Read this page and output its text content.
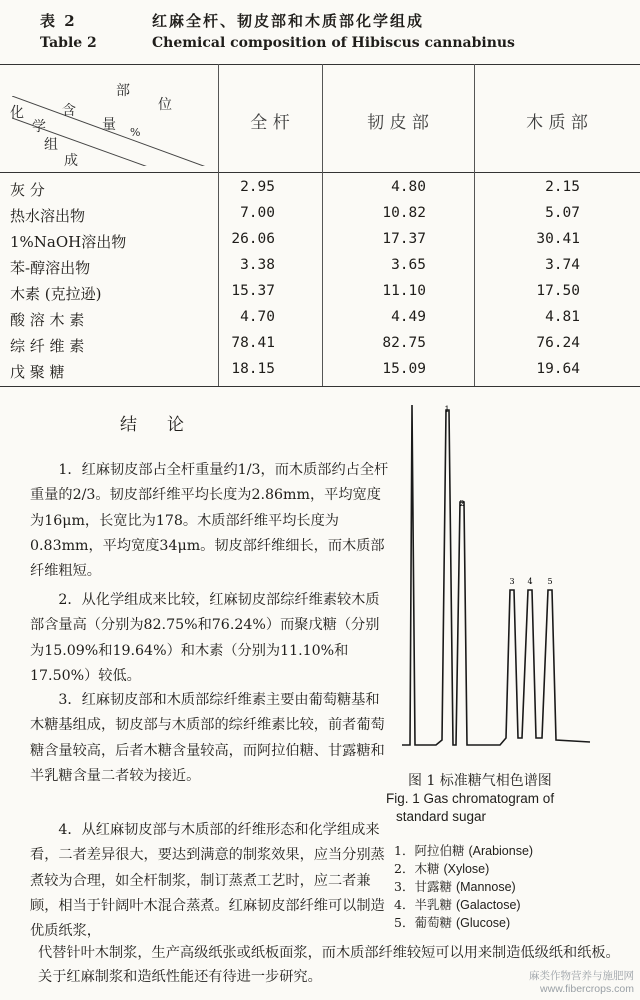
表 2	红麻全杆、韧皮部和木质部化学组成
Table 2	Chemical composition of Hibiscus cannabinus
部
位
含
量 %
化
学
组
成
全 杆	韧 皮 部	木 质 部
灰 分	2.95	4.80	2.15
热水溶出物	7.00	10.82	5.07
1%NaOH溶出物	26.06	17.37	30.41
苯-醇溶出物	3.38	3.65	3.74
木素 (克拉逊)	15.37	11.10	17.50
酸 溶 木 素	4.70	4.49	4.81
综 纤 维 素	78.41	82.75	76.24
戊 聚 糖	18.15	15.09	19.64
结论

1．红麻韧皮部占全杆重量约1/3，而木质部约占全杆重量的2/3。韧皮部纤维平均长度为2.86mm，平均宽度为16μm，长宽比为178。木质部纤维平均长度为0.83mm，平均宽度34μm。韧皮部纤维细长，而木质部纤维粗短。

2．从化学组成来比较，红麻韧皮部综纤维素较木质部含量高（分别为82.75%和76.24%）而聚戊糖（分别为15.09%和19.64%）和木素（分别为11.10%和17.50%）较低。

3．红麻韧皮部和木质部综纤维素主要由葡萄糖基和木糖基组成，韧皮部与木质部的综纤维素比较，前者葡萄糖含量较高，后者木糖含量较高，而阿拉伯糖、甘露糖和半乳糖含量二者较为接近。

4．从红麻韧皮部与木质部的纤维形态和化学组成来看，二者差异很大，要达到满意的制浆效果，应当分别蒸煮较为合理，如全杆制浆，制订蒸煮工艺时，应二者兼顾，相当于针阔叶木混合蒸煮。红麻韧皮部纤维可以制造优质纸浆，

代替针叶木制浆，生产高级纸张或纸板面浆，而木质部纤维较短可以用来制造低级纸和纸板。
关于红麻制浆和造纸性能还有待进一步研究。
1
2
3 4 5
图 1 标准糖气相色谱图
Fig. 1 Gas chromatogram of
standard sugar
1．阿拉伯糖 (Arabionse)
2．木糖 (Xylose)
3．甘露糖 (Mannose)
4．半乳糖 (Galactose)
5．葡萄糖 (Glucose)
麻类作物营养与施肥网
www.fibercrops.com
